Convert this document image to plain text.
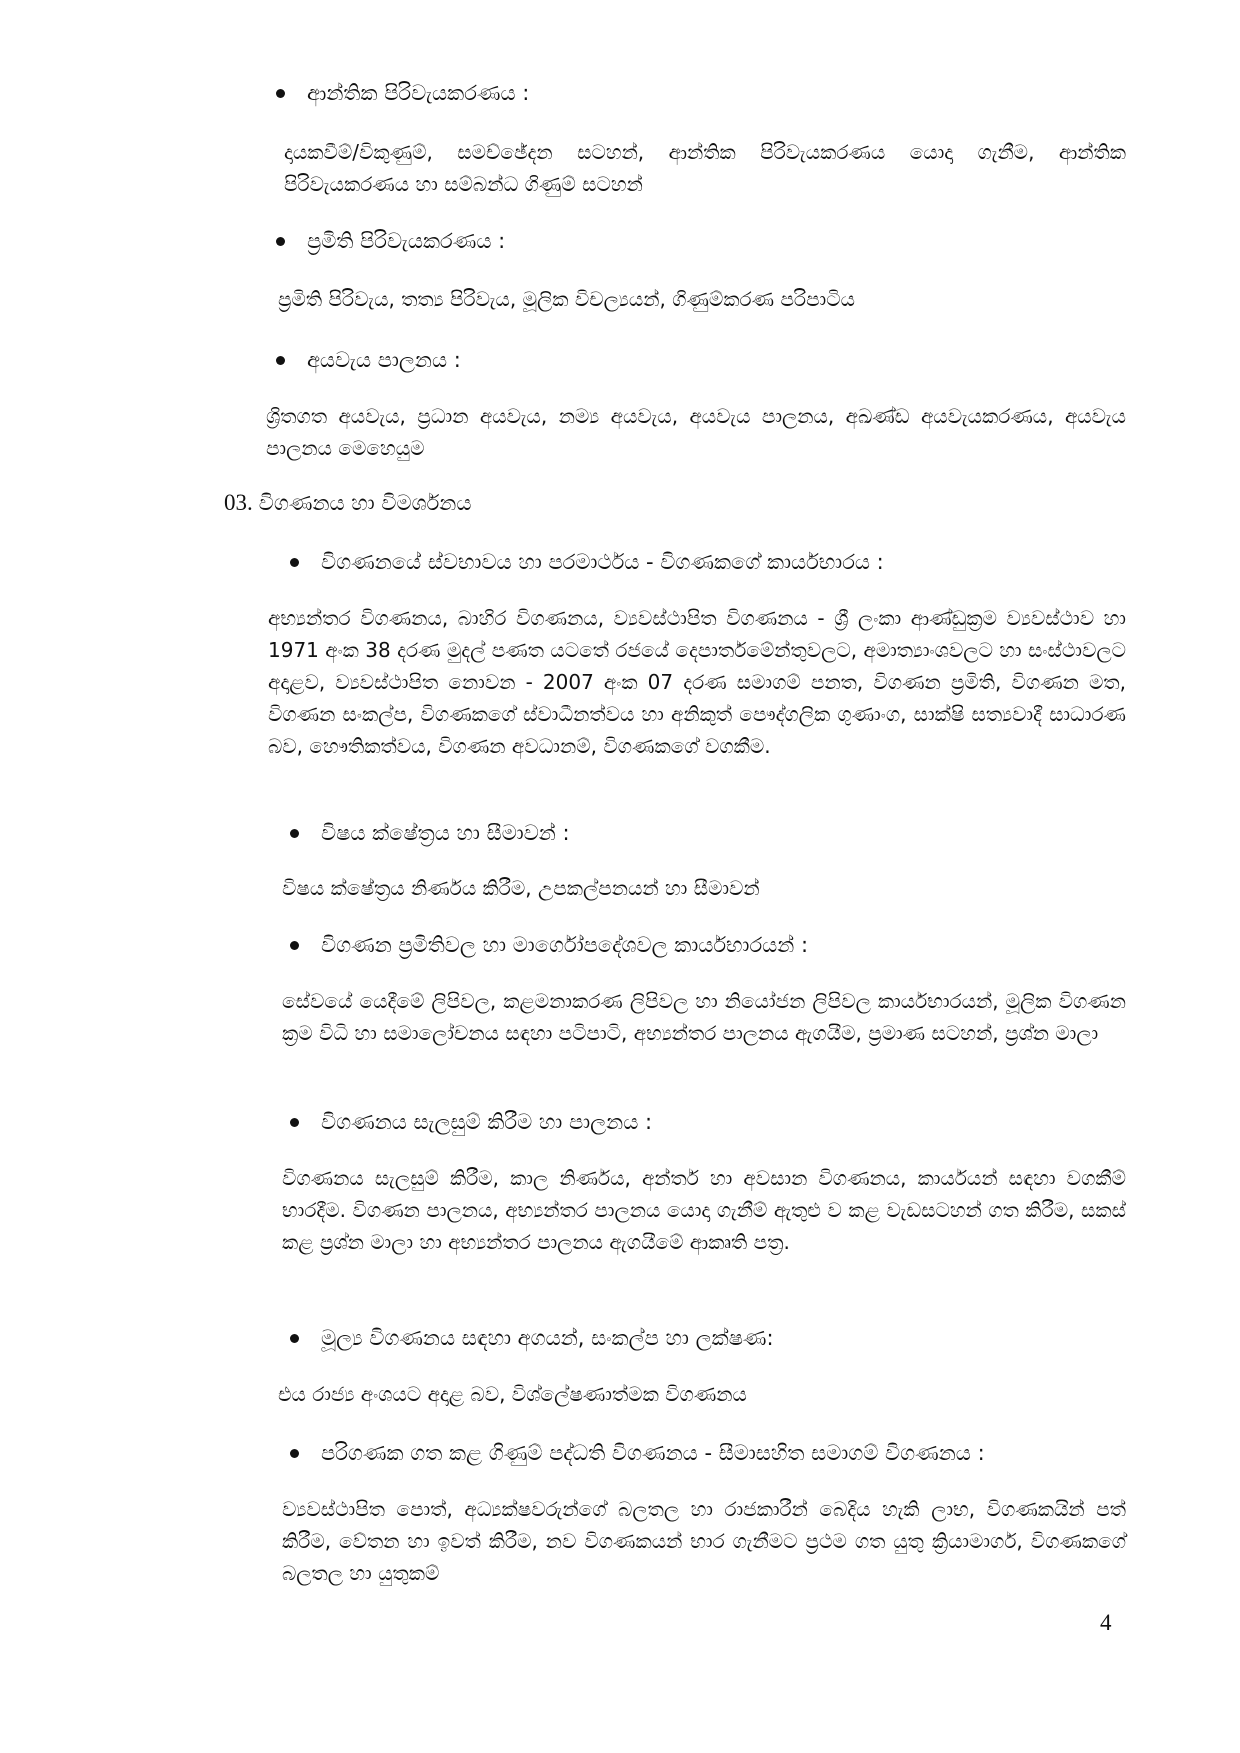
ආන්තික පිරිවැයකරණය :
දායකවීම්/විකුණුම්, සමච්ඡේදන සටහන්, ආන්තික පිරිවැයකරණය යොදා ගැනීම, ආන්තික පිරිවැයකරණය හා සම්බන්ධ ගිණුම් සටහන්
ප්‍රමිති පිරිවැයකරණය :
ප්‍රමිති පිරිවැය, තත්‍ය පිරිවැය, මූලික විචල්‍යයන්, ගිණුම්කරණ පරිපාටිය
අයවැය පාලනය :
ශ්‍රිතගත අයවැය, ප්‍රධාන අයවැය, නම්‍ය අයවැය, අයවැය පාලනය, අඛණ්ඩ අයවැයකරණය, අයවැය පාලනය මෙහෙයුම
03. විගණනය හා විමර්ශනය
විගණනයේ ස්වභාවය හා පරමාර්ථය - විගණකගේ කාර්යභාරය :
අභ්‍යන්තර විගණනය, බාහිර විගණනය, ව්‍යවස්ථාපිත විගණනය - ශ්‍රී ලංකා ආණ්ඩුක්‍රම ව්‍යවස්ථාව හා 1971 අංක 38 දරණ මුදල් පණත යටතේ රජයේ දෙපාර්තමේන්තුවලට, අමාත්‍යාංශවලට හා සංස්ථාවලට අදාළව, ව්‍යවස්ථාපිත නොවන - 2007 අංක 07 දරණ සමාගම් පනත, විගණන ප්‍රමිති, විගණන මත, විගණන සංකල්ප, විගණකගේ ස්වාධීනත්වය හා අනිකුත් පෞද්ගලික ගුණාංග, සාක්ෂි සත්‍යවාදී සාධාරණ බව, හෞතිකත්වය, විගණන අවධානම්, විගණකගේ වගකීම.
විෂය ක්ෂේත්‍රය හා සීමාවන් :
විෂය ක්ෂේත්‍රය නිර්ණය කිරීම, උපකල්පනයන් හා සීමාවන්
විගණන ප්‍රමිතිවල හා මාර්ගෝපදේශවල කාර්යභාරයන් :
සේවයේ යෙදීමේ ලිපිවල, කළමනාකරණ ලිපිවල හා නියෝජන ලිපිවල කාර්යභාරයන්, මූලික විගණන ක්‍රම විධි හා සමාලෝචනය සඳහා පටිපාටි, අභ්‍යන්තර පාලනය ඇගයීම, ප්‍රමාණ සටහන්, ප්‍රශ්න මාලා
විගණනය සැලසුම් කිරීම හා පාලනය :
විගණනය සැලසුම් කිරීම, කාල නිර්ණය, අන්තර් හා අවසාන විගණනය, කාර්යයන් සඳහා වගකීම් භාරදීම. විගණන පාලනය, අභ්‍යන්තර පාලනය යොදා ගැනීම් ඇතුළු ව කළ වැඩසටහන් ගත කිරීම, සකස් කළ ප්‍රශ්න මාලා හා අභ්‍යන්තර පාලනය ඇගයීමේ ආකෘති පත්‍ර.
මූල්‍ය විගණනය සඳහා අගයන්, සංකල්ප හා ලක්ෂණ:
එය රාජ්‍ය අංශයට අදාළ බව, විශ්ලේෂණාත්මක විගණනය
පරිගණක ගත කළ ගිණුම් පද්ධති විගණනය - සීමාසහිත සමාගම් විගණනය :
ව්‍යවස්ථාපිත පොත්, අධ්‍යක්ෂවරුන්ගේ බලතල හා රාජකාරීන් බෙදිය හැකි ලාභ, විගණකයින් පත් කිරීම, වේතන හා ඉවත් කිරීම, නව විගණකයන් භාර ගැනීමට ප්‍රථම ගත යුතු ක්‍රියාමාර්ග, විගණකගේ බලතල හා යුතුකම්
4
